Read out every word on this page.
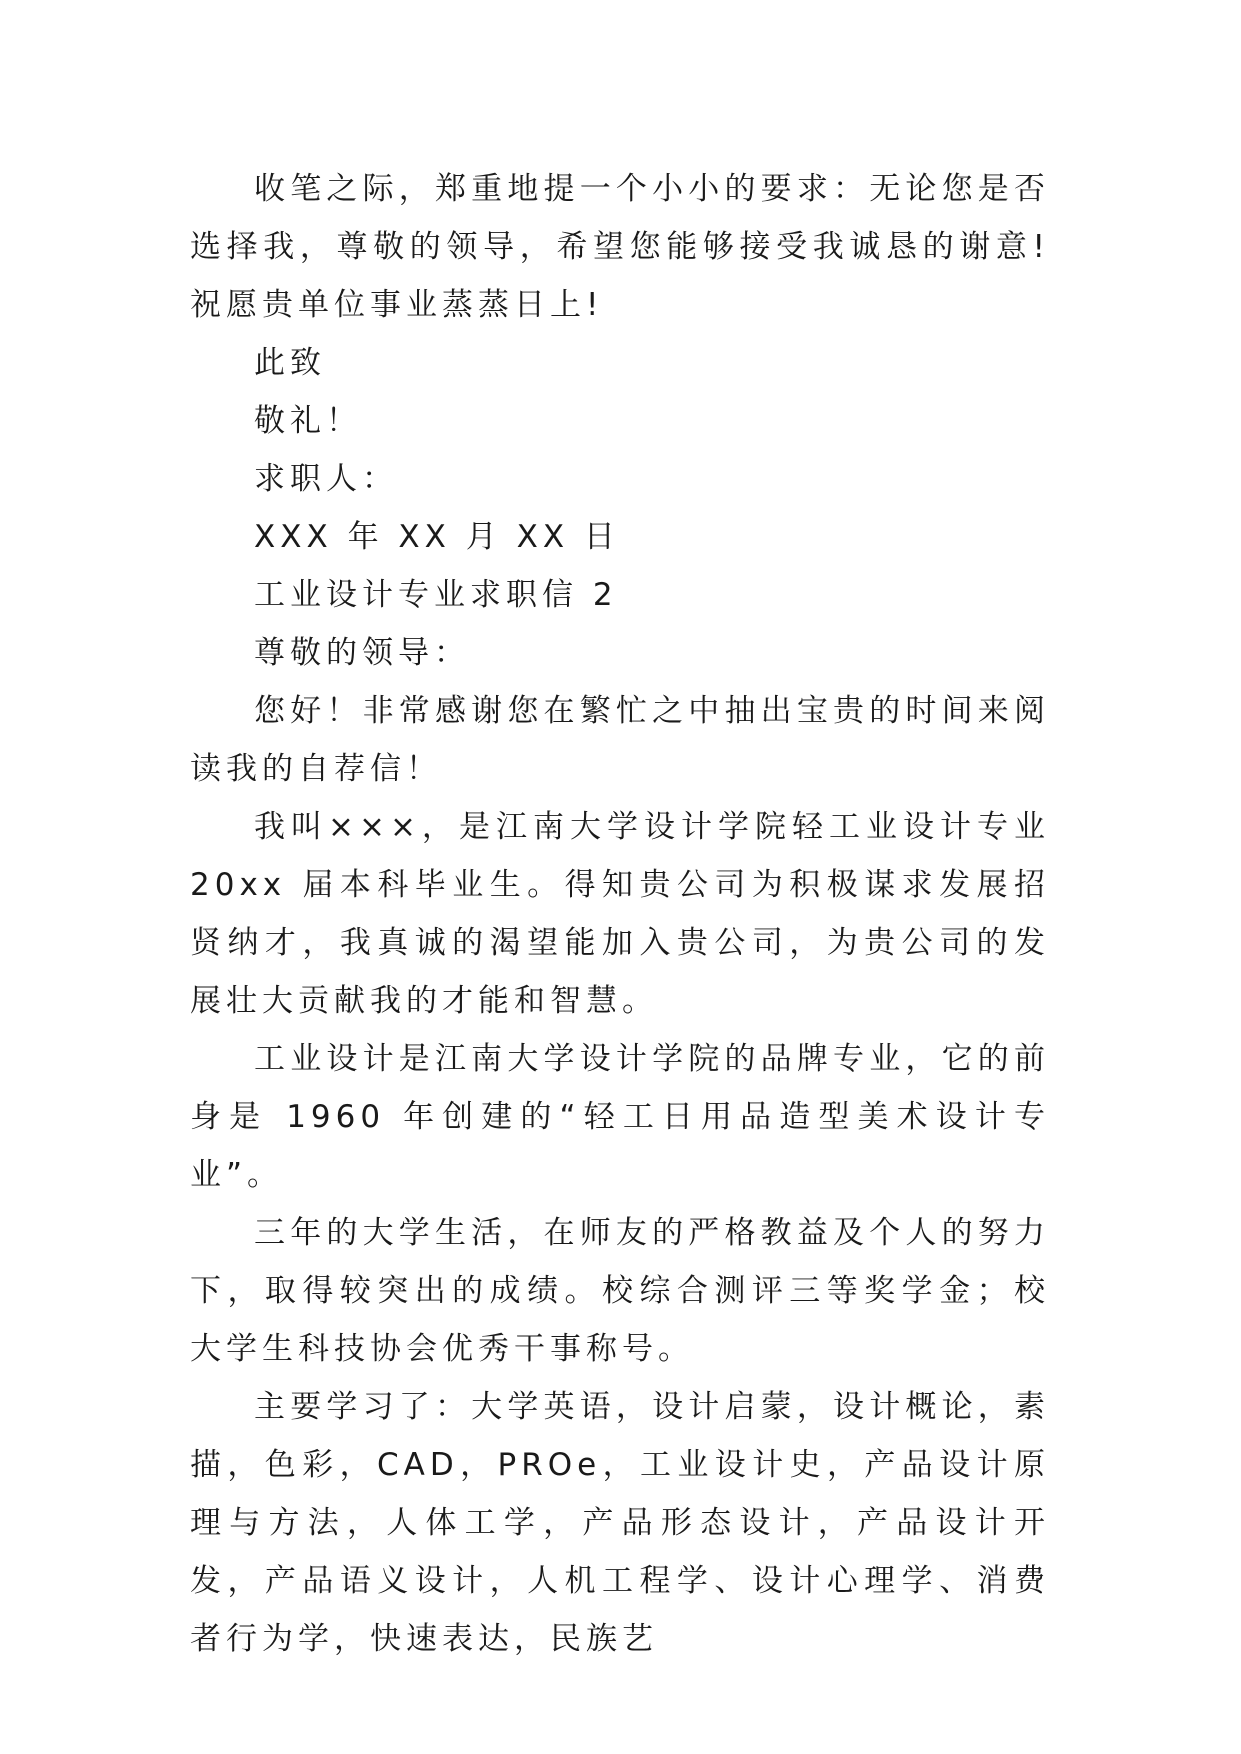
收笔之际，郑重地提一个小小的要求：无论您是否选择我，尊敬的领导，希望您能够接受我诚恳的谢意!祝愿贵单位事业蒸蒸日上!

此致

敬礼！

求职人：

XXX 年 XX 月 XX 日

工业设计专业求职信 2

尊敬的领导：

您好！非常感谢您在繁忙之中抽出宝贵的时间来阅读我的自荐信！

我叫×××，是江南大学设计学院轻工业设计专业 20xx 届本科毕业生。得知贵公司为积极谋求发展招贤纳才，我真诚的渴望能加入贵公司，为贵公司的发展壮大贡献我的才能和智慧。

工业设计是江南大学设计学院的品牌专业，它的前身是 1960 年创建的“轻工日用品造型美术设计专业”。

三年的大学生活，在师友的严格教益及个人的努力下，取得较突出的成绩。校综合测评三等奖学金；校大学生科技协会优秀干事称号。

主要学习了：大学英语，设计启蒙，设计概论，素描，色彩，CAD，PROe，工业设计史，产品设计原理与方法，人体工学，产品形态设计，产品设计开发，产品语义设计，人机工程学、设计心理学、消费者行为学，快速表达，民族艺
